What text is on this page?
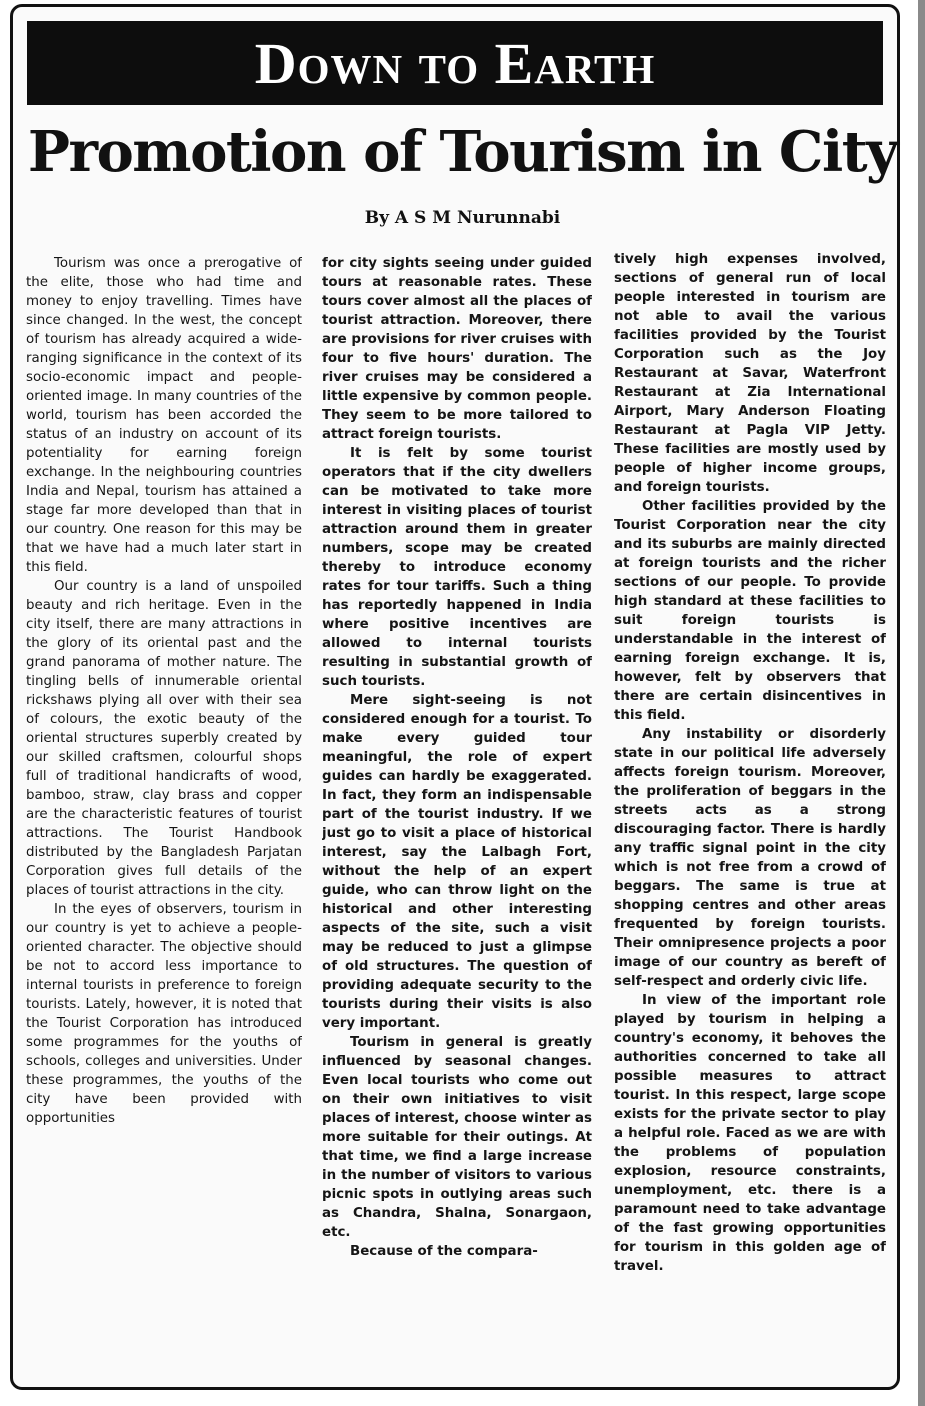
Down to Earth
Promotion of Tourism in City
By A S M Nurunnabi

Tourism was once a prerogative of the elite, those who had time and money to enjoy travelling. Times have since changed. In the west, the concept of tourism has already acquired a wide-ranging significance in the context of its socio-economic impact and people-oriented image. In many countries of the world, tourism has been accorded the status of an industry on account of its potentiality for earning foreign exchange. In the neighbouring countries India and Nepal, tourism has attained a stage far more developed than that in our country. One reason for this may be that we have had a much later start in this field.

Our country is a land of unspoiled beauty and rich heritage. Even in the city itself, there are many attractions in the glory of its oriental past and the grand panorama of mother nature. The tingling bells of innumerable oriental rickshaws plying all over with their sea of colours, the exotic beauty of the oriental structures superbly created by our skilled craftsmen, colourful shops full of traditional handicrafts of wood, bamboo, straw, clay brass and copper are the characteristic features of tourist attractions. The Tourist Handbook distributed by the Bangladesh Parjatan Corporation gives full details of the places of tourist attractions in the city.

In the eyes of observers, tourism in our country is yet to achieve a people-oriented character. The objective should be not to accord less importance to internal tourists in preference to foreign tourists. Lately, however, it is noted that the Tourist Corporation has introduced some programmes for the youths of schools, colleges and universities. Under these programmes, the youths of the city have been provided with opportunities

for city sights seeing under guided tours at reasonable rates. These tours cover almost all the places of tourist attraction. Moreover, there are provisions for river cruises with four to five hours' duration. The river cruises may be considered a little expensive by common people. They seem to be more tailored to attract foreign tourists.

It is felt by some tourist operators that if the city dwellers can be motivated to take more interest in visiting places of tourist attraction around them in greater numbers, scope may be created thereby to introduce economy rates for tour tariffs. Such a thing has reportedly happened in India where positive incentives are allowed to internal tourists resulting in substantial growth of such tourists.

Mere sight-seeing is not considered enough for a tourist. To make every guided tour meaningful, the role of expert guides can hardly be exaggerated. In fact, they form an indispensable part of the tourist industry. If we just go to visit a place of historical interest, say the Lalbagh Fort, without the help of an expert guide, who can throw light on the historical and other interesting aspects of the site, such a visit may be reduced to just a glimpse of old structures. The question of providing adequate security to the tourists during their visits is also very important.

Tourism in general is greatly influenced by seasonal changes. Even local tourists who come out on their own initiatives to visit places of interest, choose winter as more suitable for their outings. At that time, we find a large increase in the number of visitors to various picnic spots in outlying areas such as Chandra, Shalna, Sonargaon, etc.

Because of the compara-

tively high expenses involved, sections of general run of local people interested in tourism are not able to avail the various facilities provided by the Tourist Corporation such as the Joy Restaurant at Savar, Waterfront Restaurant at Zia International Airport, Mary Anderson Floating Restaurant at Pagla VIP Jetty. These facilities are mostly used by people of higher income groups, and foreign tourists.

Other facilities provided by the Tourist Corporation near the city and its suburbs are mainly directed at foreign tourists and the richer sections of our people. To provide high standard at these facilities to suit foreign tourists is understandable in the interest of earning foreign exchange. It is, however, felt by observers that there are certain disincentives in this field.

Any instability or disorderly state in our political life adversely affects foreign tourism. Moreover, the proliferation of beggars in the streets acts as a strong discouraging factor. There is hardly any traffic signal point in the city which is not free from a crowd of beggars. The same is true at shopping centres and other areas frequented by foreign tourists. Their omnipresence projects a poor image of our country as bereft of self-respect and orderly civic life.

In view of the important role played by tourism in helping a country's economy, it behoves the authorities concerned to take all possible measures to attract tourist. In this respect, large scope exists for the private sector to play a helpful role. Faced as we are with the problems of population explosion, resource constraints, unemployment, etc. there is a paramount need to take advantage of the fast growing opportunities for tourism in this golden age of travel.
